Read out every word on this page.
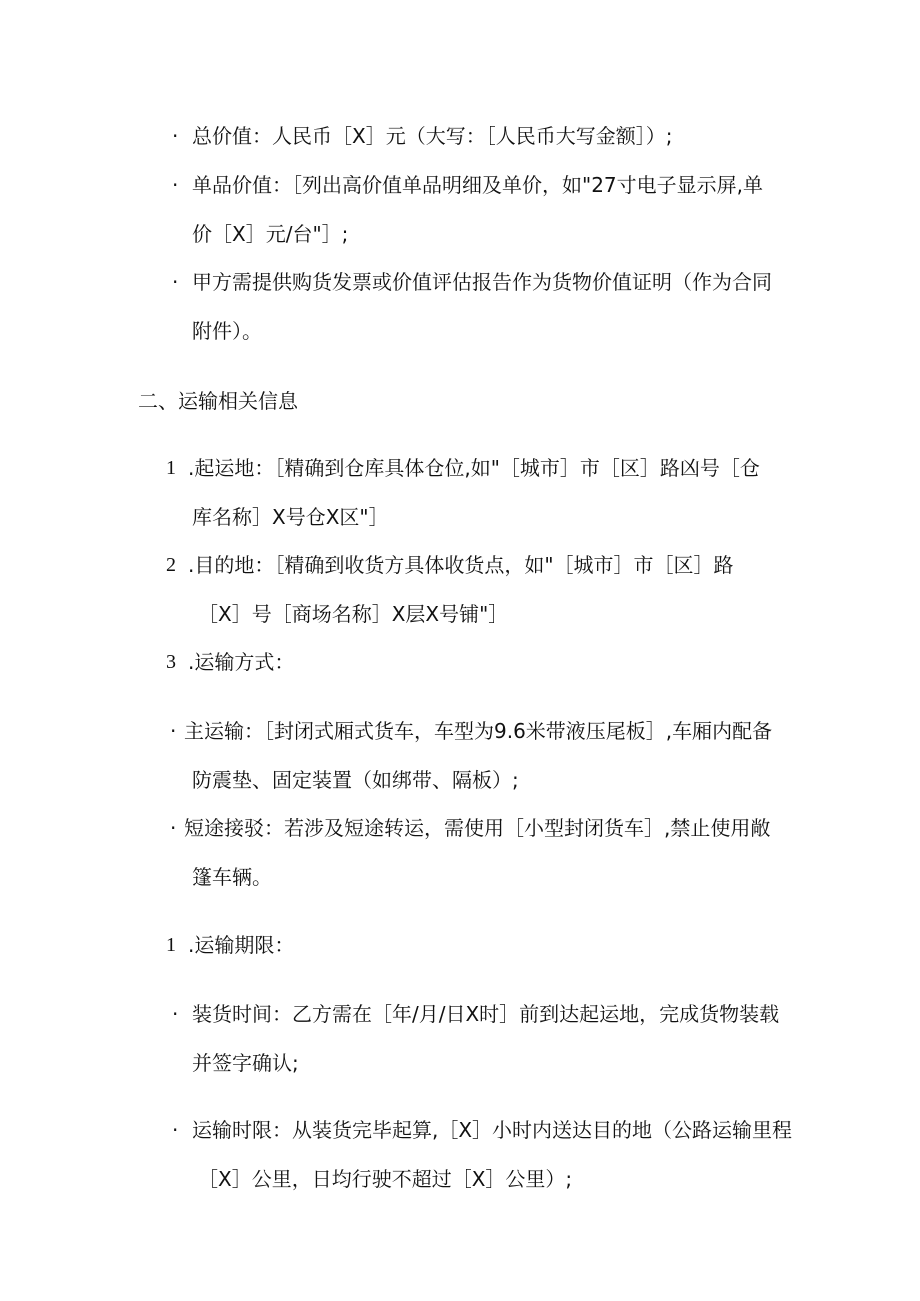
· 总价值：人民币［X］元（大写：［人民币大写金额］）;
· 单品价值：［列出高价值单品明细及单价，如"27寸电子显示屏,单
价［X］元/台"］;
· 甲方需提供购货发票或价值评估报告作为货物价值证明（作为合同
附件）。
二、运输相关信息
1 .起运地：［精确到仓库具体仓位,如"［城市］市［区］路凶号［仓
库名称］X号仓X区"］
2 .目的地：［精确到收货方具体收货点，如"［城市］市［区］路
［X］号［商场名称］X层X号铺"］
3 .运输方式：
· 主运输：［封闭式厢式货车，车型为9.6米带液压尾板］,车厢内配备
防震垫、固定装置（如绑带、隔板）;
· 短途接驳：若涉及短途转运，需使用［小型封闭货车］,禁止使用敞
篷车辆。
1 .运输期限：
· 装货时间：乙方需在［年/月/日X时］前到达起运地，完成货物装载
并签字确认;
· 运输时限：从装货完毕起算,［X］小时内送达目的地（公路运输里程
［X］公里，日均行驶不超过［X］公里）;
